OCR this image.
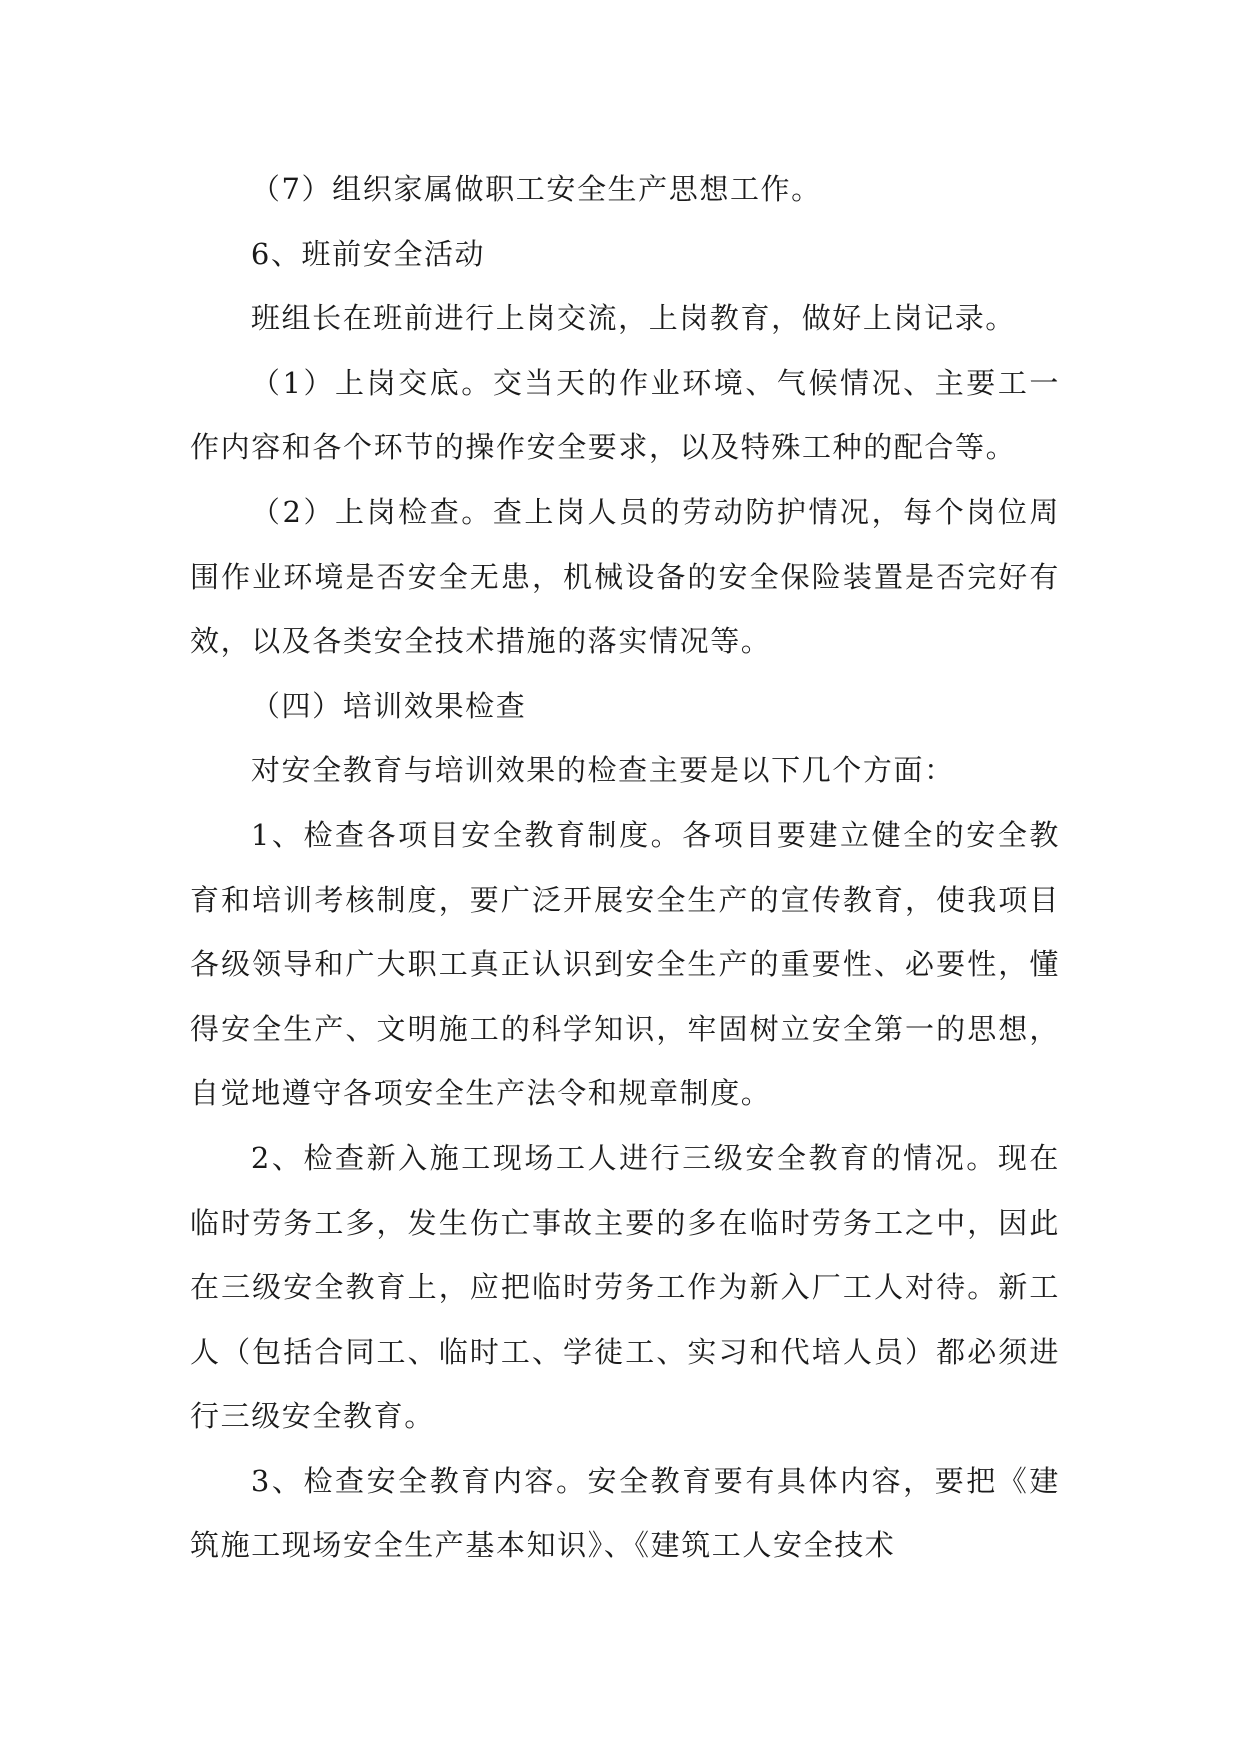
（7）组织家属做职工安全生产思想工作。

6、班前安全活动

班组长在班前进行上岗交流，上岗教育，做好上岗记录。

（1）上岗交底。交当天的作业环境、气候情况、主要工一作内容和各个环节的操作安全要求，以及特殊工种的配合等。

（2）上岗检查。查上岗人员的劳动防护情况，每个岗位周围作业环境是否安全无患，机械设备的安全保险装置是否完好有效，以及各类安全技术措施的落实情况等。

（四）培训效果检查

对安全教育与培训效果的检查主要是以下几个方面：

1、检查各项目安全教育制度。各项目要建立健全的安全教育和培训考核制度，要广泛开展安全生产的宣传教育，使我项目各级领导和广大职工真正认识到安全生产的重要性、必要性，懂得安全生产、文明施工的科学知识，牢固树立安全第一的思想，自觉地遵守各项安全生产法令和规章制度。

2、检查新入施工现场工人进行三级安全教育的情况。现在临时劳务工多，发生伤亡事故主要的多在临时劳务工之中，因此在三级安全教育上，应把临时劳务工作为新入厂工人对待。新工人（包括合同工、临时工、学徒工、实习和代培人员）都必须进行三级安全教育。

3、检查安全教育内容。安全教育要有具体内容，要把《建筑施工现场安全生产基本知识》、《建筑工人安全技术
